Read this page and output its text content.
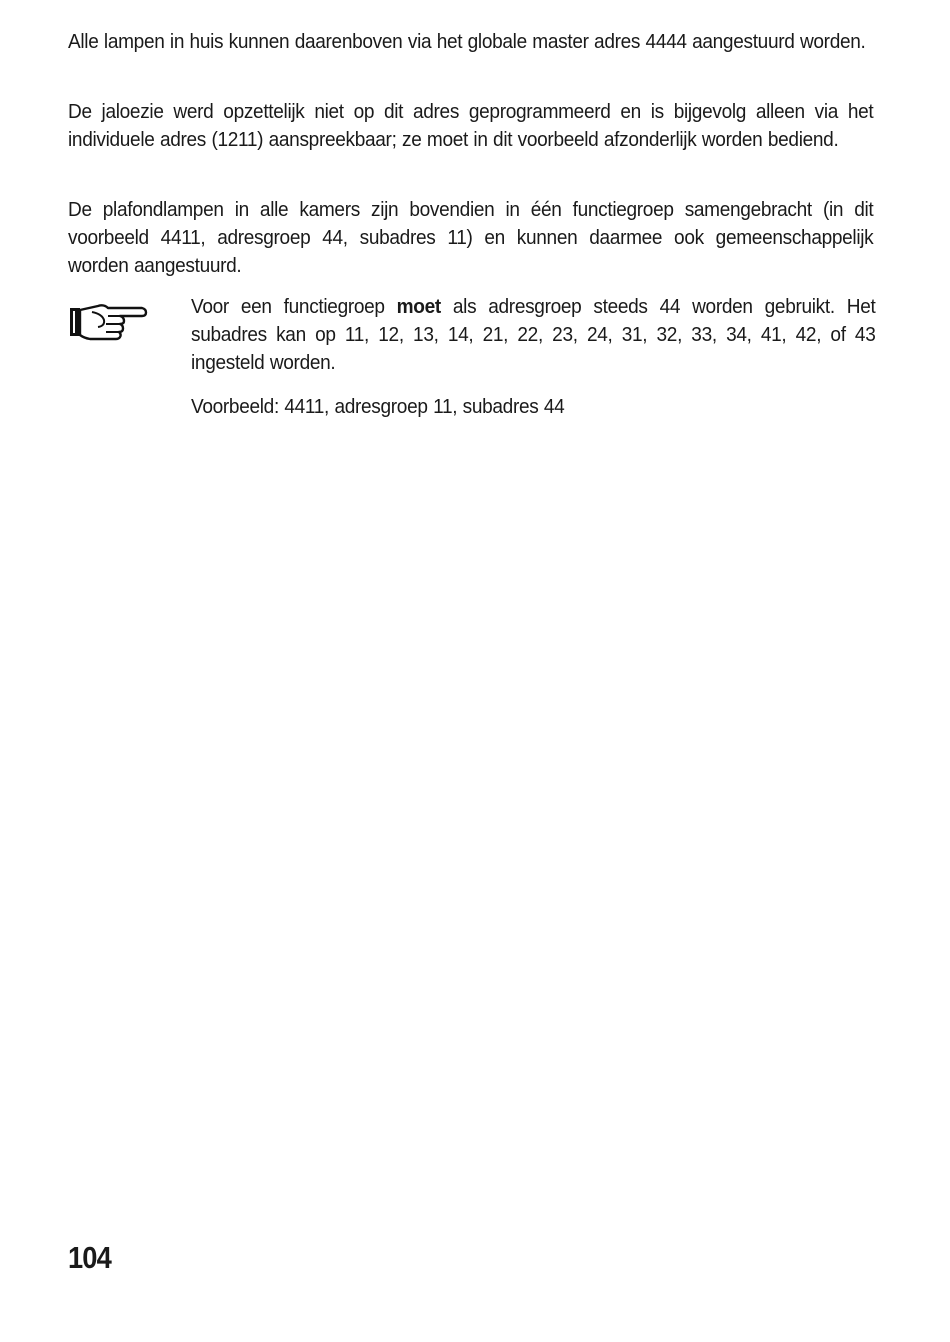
Alle lampen in huis kunnen daarenboven via het globale master adres 4444 aangestuurd worden.

De jaloezie werd opzettelijk niet op dit adres geprogrammeerd en is bijgevolg alleen via het individuele adres (1211) aanspreekbaar; ze moet in dit voorbeeld afzonderlijk worden bediend.

De plafondlampen in alle kamers zijn bovendien in één functiegroep samengebracht (in dit voorbeeld 4411, adresgroep 44, subadres 11) en kunnen daarmee ook gemeenschappelijk worden aangestuurd.

Voor een functiegroep moet als adresgroep steeds 44 worden gebruikt. Het subadres kan op 11, 12, 13, 14, 21, 22, 23, 24, 31, 32, 33, 34, 41, 42, of 43 ingesteld worden.

Voorbeeld: 4411, adresgroep 11, subadres 44

104
